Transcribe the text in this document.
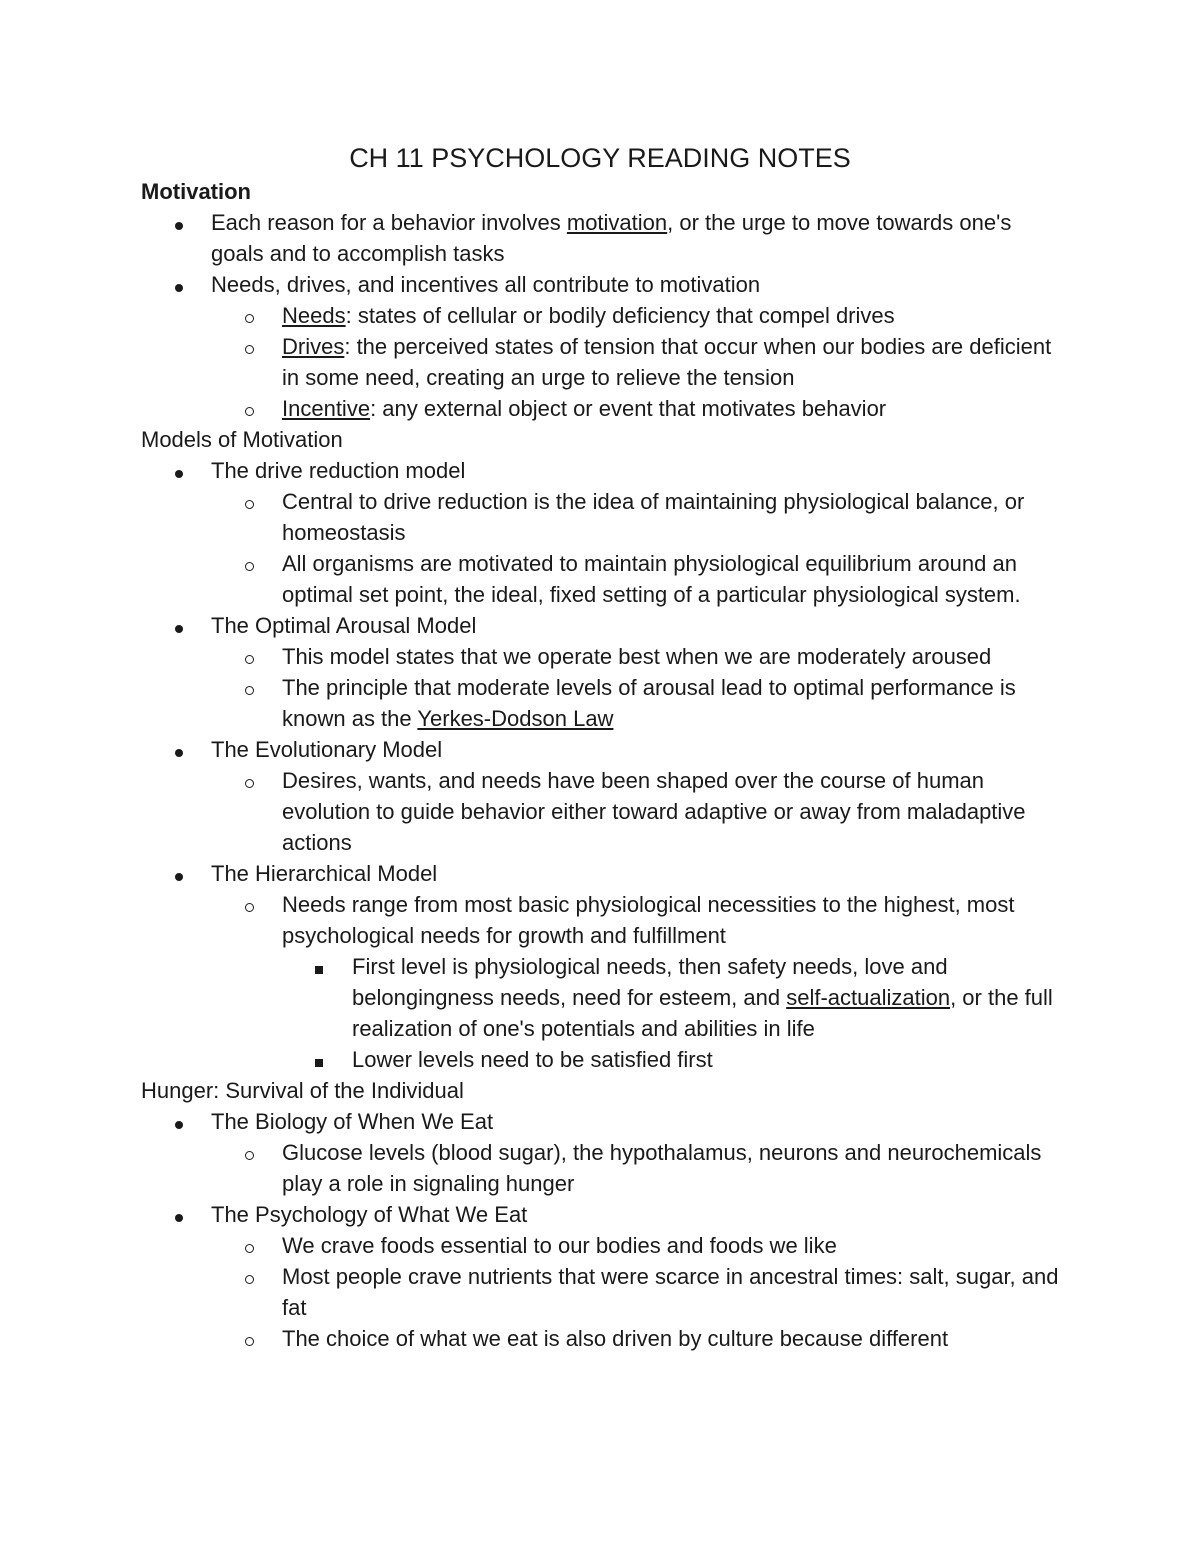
CH 11 PSYCHOLOGY READING NOTES
Motivation
Each reason for a behavior involves motivation, or the urge to move towards one's goals and to accomplish tasks
Needs, drives, and incentives all contribute to motivation
Needs: states of cellular or bodily deficiency that compel drives
Drives: the perceived states of tension that occur when our bodies are deficient in some need, creating an urge to relieve the tension
Incentive: any external object or event that motivates behavior
Models of Motivation
The drive reduction model
Central to drive reduction is the idea of maintaining physiological balance, or homeostasis
All organisms are motivated to maintain physiological equilibrium around an optimal set point, the ideal, fixed setting of a particular physiological system.
The Optimal Arousal Model
This model states that we operate best when we are moderately aroused
The principle that moderate levels of arousal lead to optimal performance is known as the Yerkes-Dodson Law
The Evolutionary Model
Desires, wants, and needs have been shaped over the course of human evolution to guide behavior either toward adaptive or away from maladaptive actions
The Hierarchical Model
Needs range from most basic physiological necessities to the highest, most psychological needs for growth and fulfillment
First level is physiological needs, then safety needs, love and belongingness needs, need for esteem, and self-actualization, or the full realization of one's potentials and abilities in life
Lower levels need to be satisfied first
Hunger: Survival of the Individual
The Biology of When We Eat
Glucose levels (blood sugar), the hypothalamus, neurons and neurochemicals play a role in signaling hunger
The Psychology of What We Eat
We crave foods essential to our bodies and foods we like
Most people crave nutrients that were scarce in ancestral times: salt, sugar, and fat
The choice of what we eat is also driven by culture because different
